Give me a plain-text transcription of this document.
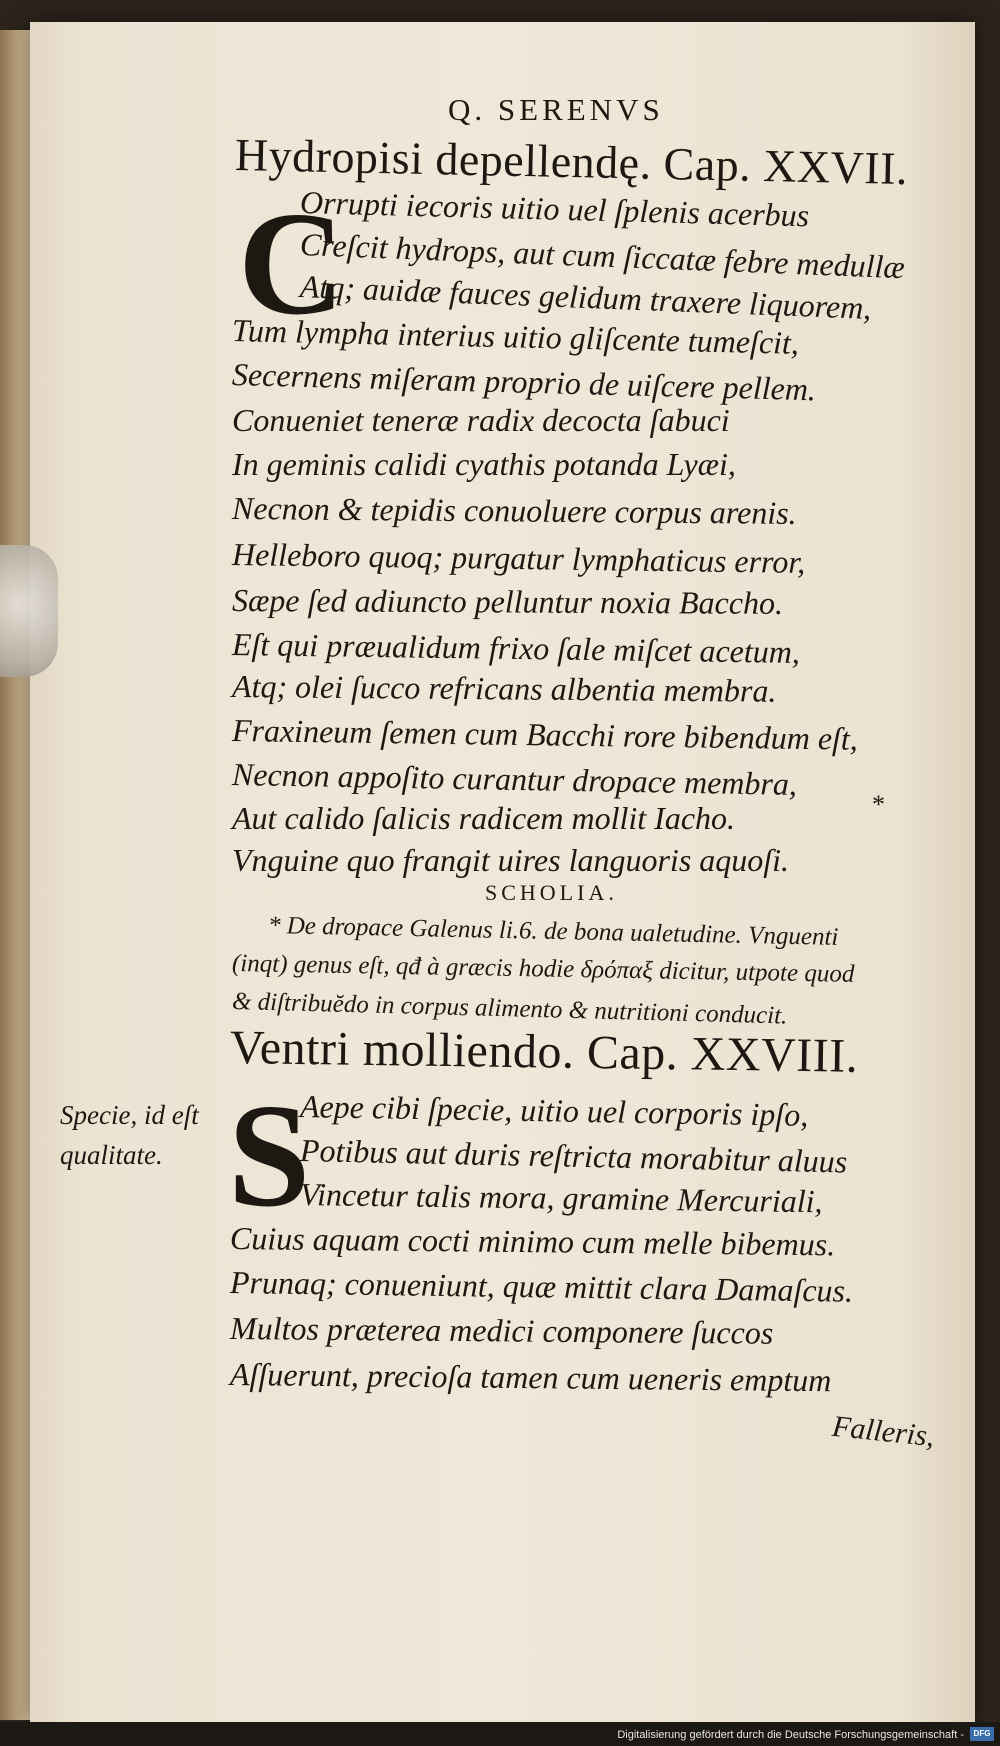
Q. SERENVS
Hydropisi depellendę. Cap. XXVII.
C
Orrupti iecoris uitio uel ſplenis acerbus
Creſcit hydrops, aut cum ſiccatæ febre medullæ
Atq; auidæ fauces gelidum traxere liquorem,
Tum lympha interius uitio gliſcente tumeſcit,
Secernens miſeram proprio de uiſcere pellem.
Conueniet teneræ radix decocta ſabuci
In geminis calidi cyathis potanda Lyæi,
Necnon & tepidis conuoluere corpus arenis.
Helleboro quoq; purgatur lymphaticus error,
Sæpe ſed adiuncto pelluntur noxia Baccho.
Eſt qui præualidum frixo ſale miſcet acetum,
Atq; olei ſucco refricans albentia membra.
Fraxineum ſemen cum Bacchi rore bibendum eſt,
Necnon appoſito curantur dropace membra,
Aut calido ſalicis radicem mollit Iacho.
Vnguine quo frangit uires languoris aquoſi.
*
SCHOLIA.
* De dropace Galenus li.6. de bona ualetudine. Vnguenti
(inqt) genus eſt, qđ à græcis hodie δρόπαξ dicitur, utpote quod
& diſtribuĕdo in corpus alimento & nutritioni conducit.
Ventri molliendo. Cap. XXVIII.
S
Aepe cibi ſpecie, uitio uel corporis ipſo,
Potibus aut duris reſtricta morabitur aluus
Vincetur talis mora, gramine Mercuriali,
Cuius aquam cocti minimo cum melle bibemus.
Prunaq; conueniunt, quæ mittit clara Damaſcus.
Multos præterea medici componere ſuccos
Aſſuerunt, precioſa tamen cum ueneris emptum
Specie, id eſt
qualitate.
Falleris,
Digitalisierung gefördert durch die Deutsche Forschungsgemeinschaft -	DFG
